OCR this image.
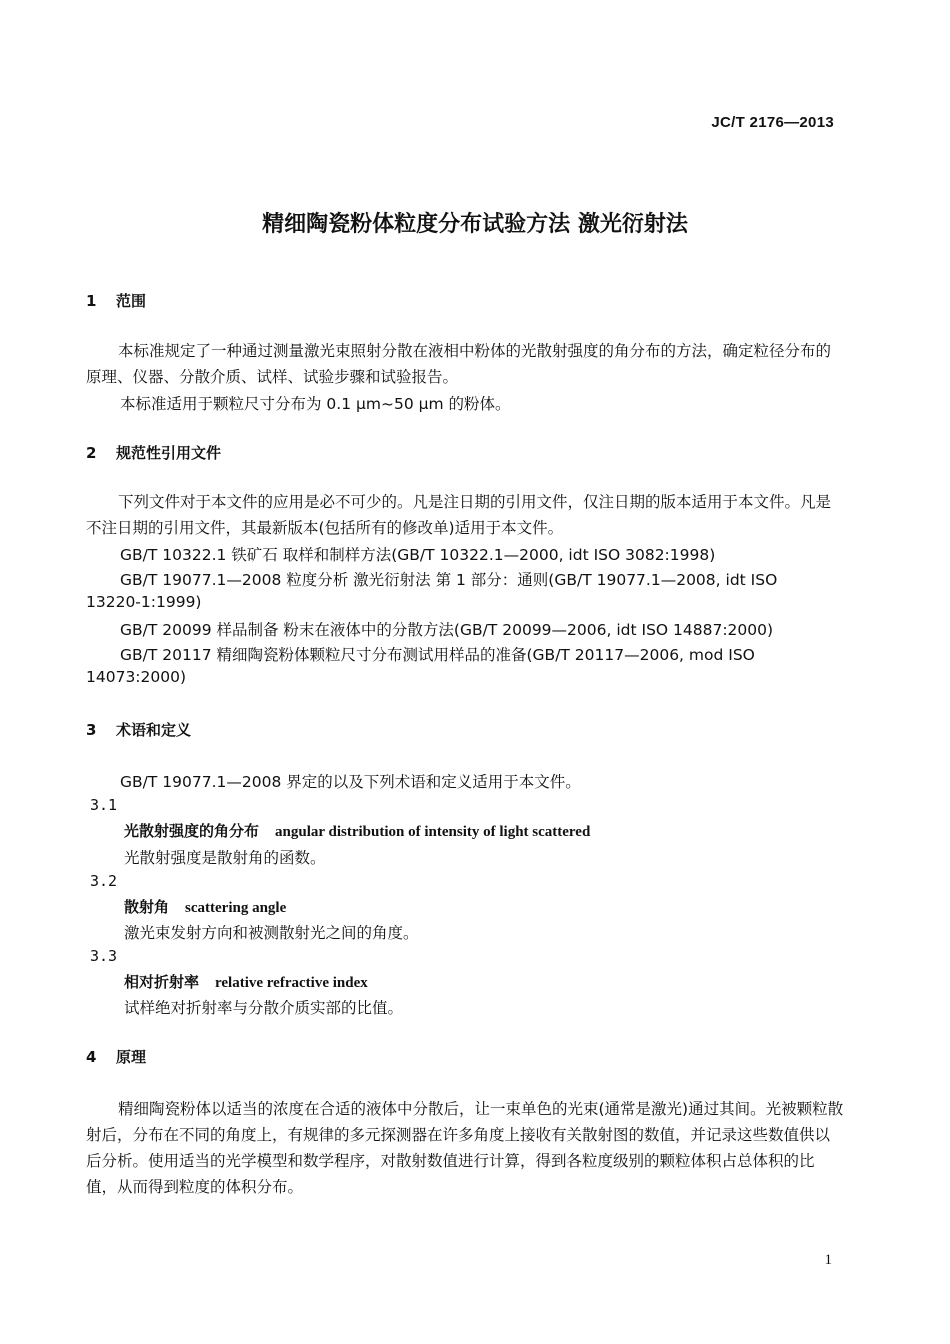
JC/T 2176—2013
精细陶瓷粉体粒度分布试验方法 激光衍射法
1 范围
本标准规定了一种通过测量激光束照射分散在液相中粉体的光散射强度的角分布的方法，确定粒径分布的原理、仪器、分散介质、试样、试验步骤和试验报告。
本标准适用于颗粒尺寸分布为 0.1 μm~50 μm 的粉体。
2 规范性引用文件
下列文件对于本文件的应用是必不可少的。凡是注日期的引用文件，仅注日期的版本适用于本文件。凡是不注日期的引用文件，其最新版本(包括所有的修改单)适用于本文件。
GB/T 10322.1 铁矿石 取样和制样方法(GB/T 10322.1—2000, idt ISO 3082:1998)
GB/T 19077.1—2008 粒度分析 激光衍射法 第 1 部分：通则(GB/T 19077.1—2008, idt ISO
13220-1:1999)
GB/T 20099 样品制备 粉末在液体中的分散方法(GB/T 20099—2006, idt ISO 14887:2000)
GB/T 20117 精细陶瓷粉体颗粒尺寸分布测试用样品的准备(GB/T 20117—2006, mod ISO
14073:2000)
3 术语和定义
GB/T 19077.1—2008 界定的以及下列术语和定义适用于本文件。
3.1
光散射强度的角分布 angular distribution of intensity of light scattered
光散射强度是散射角的函数。
3.2
散射角 scattering angle
激光束发射方向和被测散射光之间的角度。
3.3
相对折射率 relative refractive index
试样绝对折射率与分散介质实部的比值。
4 原理
精细陶瓷粉体以适当的浓度在合适的液体中分散后，让一束单色的光束(通常是激光)通过其间。光被颗粒散射后，分布在不同的角度上，有规律的多元探测器在许多角度上接收有关散射图的数值，并记录这些数值供以后分析。使用适当的光学模型和数学程序，对散射数值进行计算，得到各粒度级别的颗粒体积占总体积的比值，从而得到粒度的体积分布。
1
